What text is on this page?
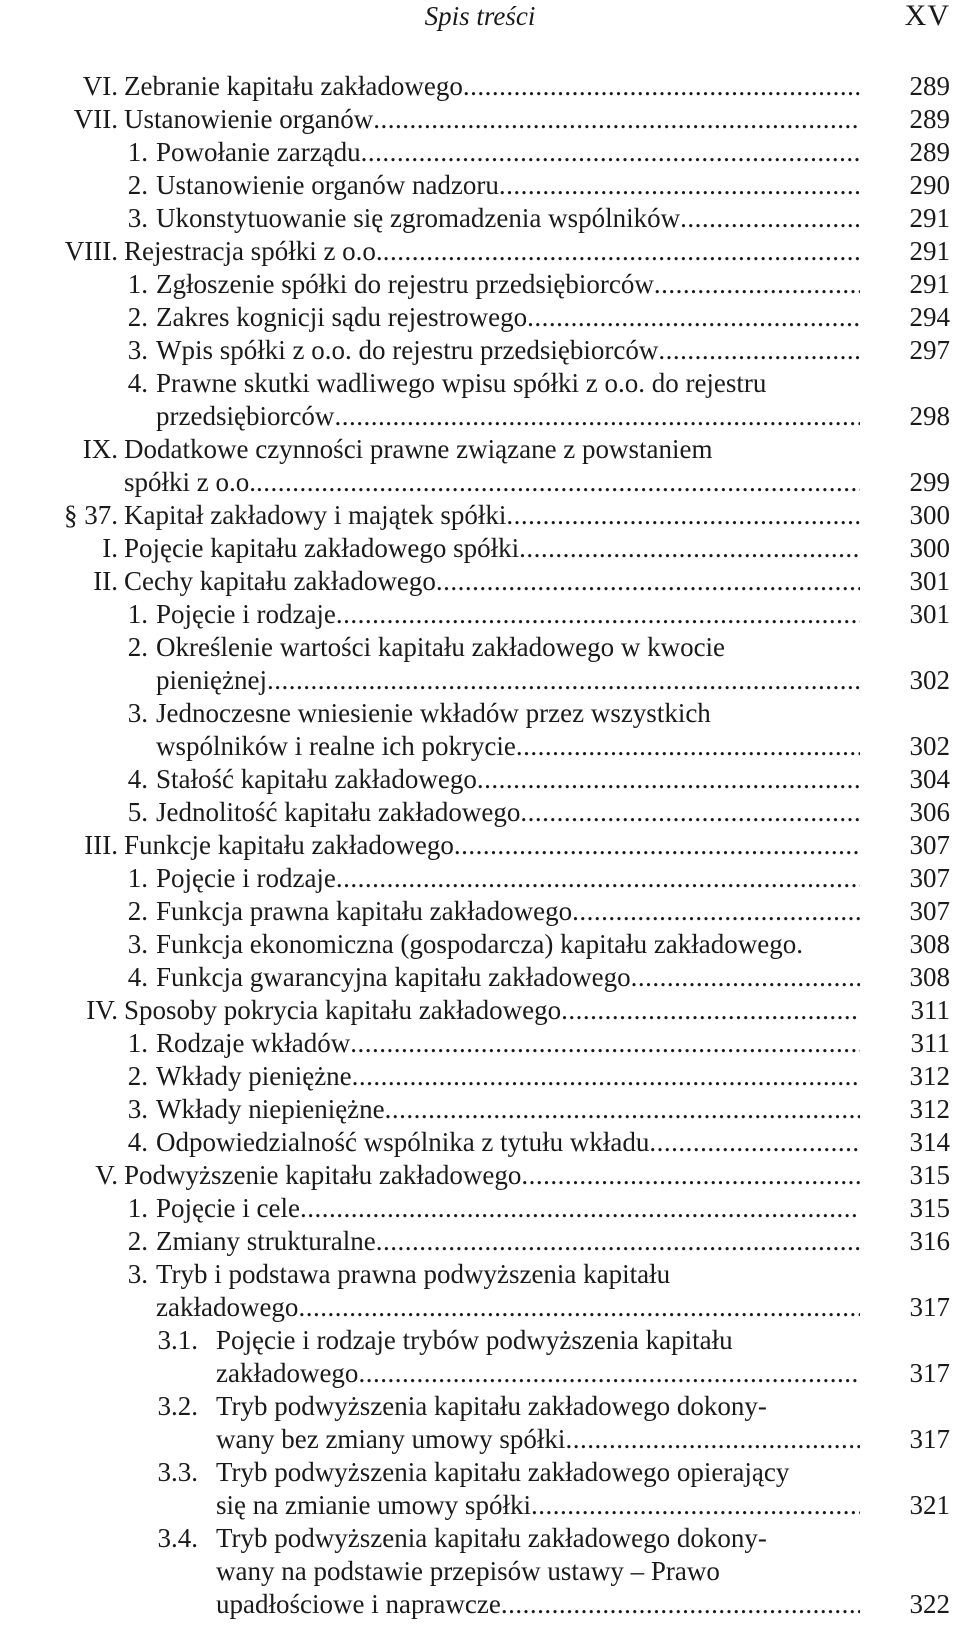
Spis treści	XV
VI. Zebranie kapitału zakładowego .....	289
VII. Ustanowienie organów .....	289
1. Powołanie zarządu .....	289
2. Ustanowienie organów nadzoru .....	290
3. Ukonstytuowanie się zgromadzenia wspólników .....	291
VIII. Rejestracja spółki z o.o. .....	291
1. Zgłoszenie spółki do rejestru przedsiębiorców .....	291
2. Zakres kognicji sądu rejestrowego .....	294
3. Wpis spółki z o.o. do rejestru przedsiębiorców .....	297
4. Prawne skutki wadliwego wpisu spółki z o.o. do rejestru
przedsiębiorców .....	298
IX. Dodatkowe czynności prawne związane z powstaniem
spółki z o.o. .....	299
§ 37. Kapitał zakładowy i majątek spółki .....	300
I. Pojęcie kapitału zakładowego spółki .....	300
II. Cechy kapitału zakładowego .....	301
1. Pojęcie i rodzaje .....	301
2. Określenie wartości kapitału zakładowego w kwocie
pieniężnej .....	302
3. Jednoczesne wniesienie wkładów przez wszystkich
wspólników i realne ich pokrycie .....	302
4. Stałość kapitału zakładowego .....	304
5. Jednolitość kapitału zakładowego .....	306
III. Funkcje kapitału zakładowego .....	307
1. Pojęcie i rodzaje .....	307
2. Funkcja prawna kapitału zakładowego .....	307
3. Funkcja ekonomiczna (gospodarcza) kapitału zakładowego.	308
4. Funkcja gwarancyjna kapitału zakładowego .....	308
IV. Sposoby pokrycia kapitału zakładowego .....	311
1. Rodzaje wkładów .....	311
2. Wkłady pieniężne .....	312
3. Wkłady niepieniężne .....	312
4. Odpowiedzialność wspólnika z tytułu wkładu .....	314
V. Podwyższenie kapitału zakładowego .....	315
1. Pojęcie i cele .....	315
2. Zmiany strukturalne .....	316
3. Tryb i podstawa prawna podwyższenia kapitału
zakładowego .....	317
3.1. Pojęcie i rodzaje trybów podwyższenia kapitału
zakładowego .....	317
3.2. Tryb podwyższenia kapitału zakładowego dokony-
wany bez zmiany umowy spółki .....	317
3.3. Tryb podwyższenia kapitału zakładowego opierający
się na zmianie umowy spółki .....	321
3.4. Tryb podwyższenia kapitału zakładowego dokony-
wany na podstawie przepisów ustawy – Prawo
upadłościowe i naprawcze .....	322
